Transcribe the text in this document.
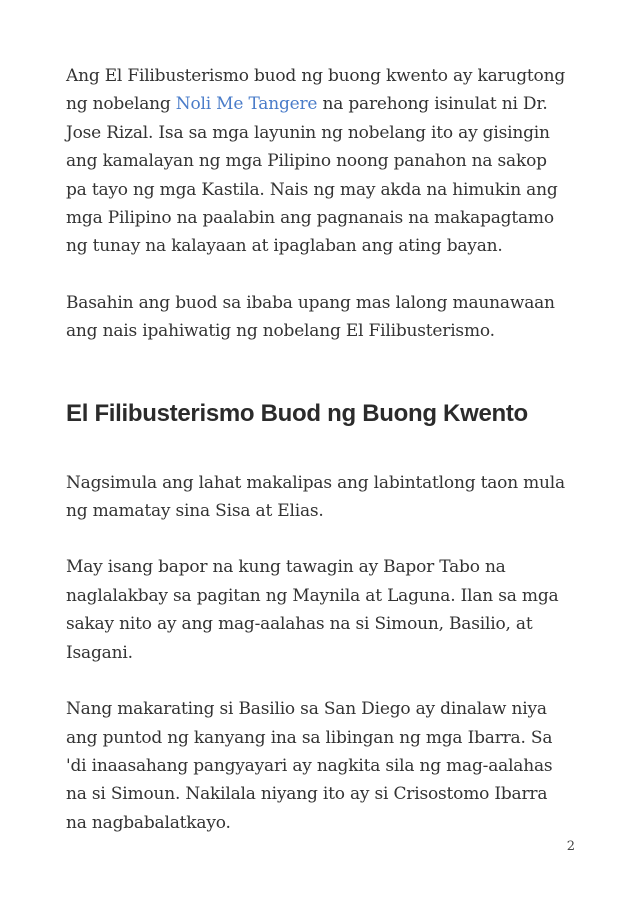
Ang El Filibusterismo buod ng buong kwento ay karugtong
ng nobelang Noli Me Tangere na parehong isinulat ni Dr.
Jose Rizal. Isa sa mga layunin ng nobelang ito ay gisingin
ang kamalayan ng mga Pilipino noong panahon na sakop
pa tayo ng mga Kastila. Nais ng may akda na himukin ang
mga Pilipino na paalabin ang pagnanais na makapagtamo
ng tunay na kalayaan at ipaglaban ang ating bayan.

Basahin ang buod sa ibaba upang mas lalong maunawaan
ang nais ipahiwatig ng nobelang El Filibusterismo.

El Filibusterismo Buod ng Buong Kwento

Nagsimula ang lahat makalipas ang labintatlong taon mula
ng mamatay sina Sisa at Elias.

May isang bapor na kung tawagin ay Bapor Tabo na
naglalakbay sa pagitan ng Maynila at Laguna. Ilan sa mga
sakay nito ay ang mag-aalahas na si Simoun, Basilio, at
Isagani.

Nang makarating si Basilio sa San Diego ay dinalaw niya
ang puntod ng kanyang ina sa libingan ng mga Ibarra. Sa
'di inaasahang pangyayari ay nagkita sila ng mag-aalahas
na si Simoun. Nakilala niyang ito ay si Crisostomo Ibarra
na nagbabalatkayo.

2
